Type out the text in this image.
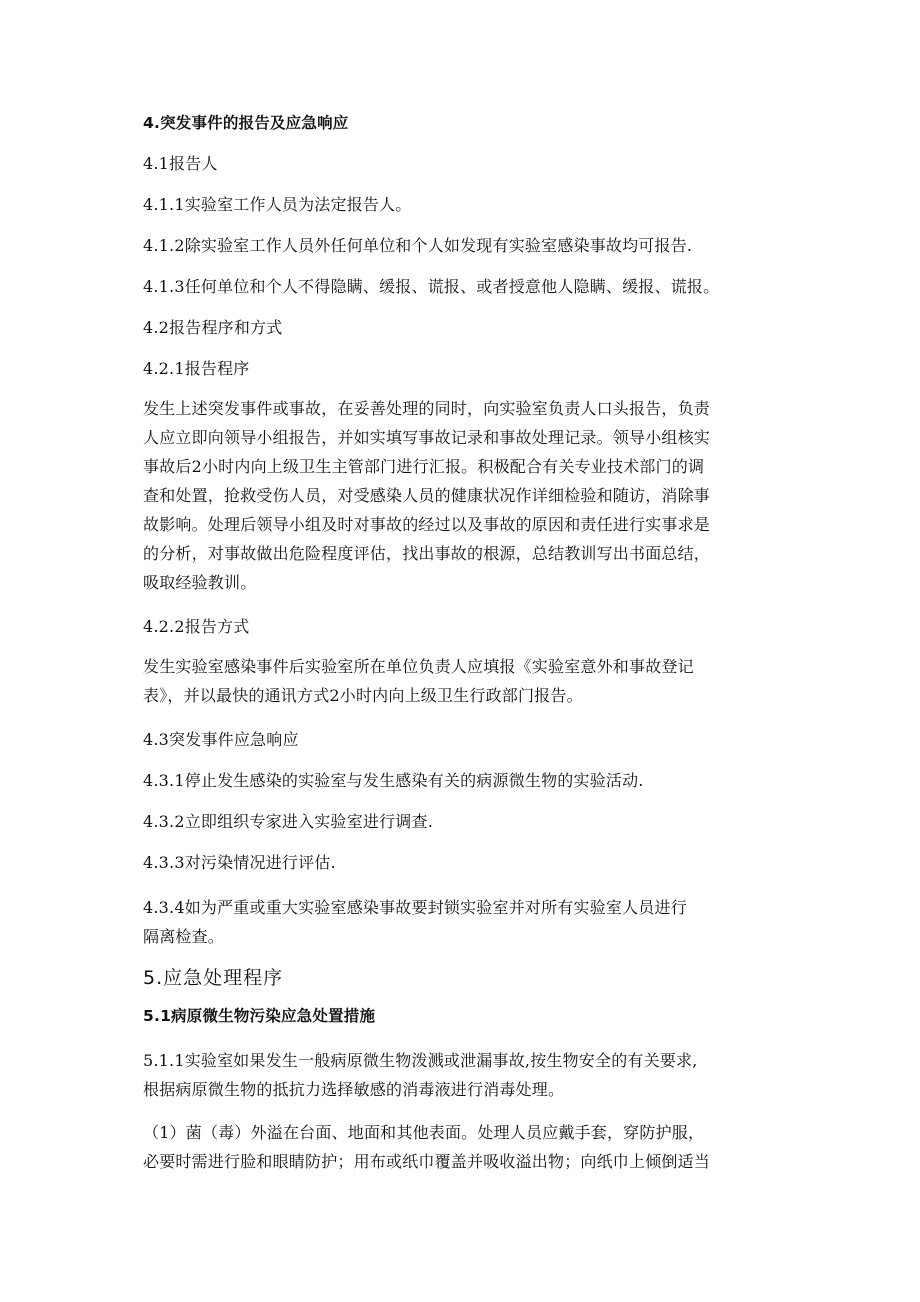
4.突发事件的报告及应急响应

4.1报告人

4.1.1实验室工作人员为法定报告人。

4.1.2除实验室工作人员外任何单位和个人如发现有实验室感染事故均可报告.

4.1.3任何单位和个人不得隐瞒、缓报、谎报、或者授意他人隐瞒、缓报、谎报。

4.2报告程序和方式

4.2.1报告程序

发生上述突发事件或事故，在妥善处理的同时，向实验室负责人口头报告，负责

人应立即向领导小组报告，并如实填写事故记录和事故处理记录。领导小组核实

事故后2小时内向上级卫生主管部门进行汇报。积极配合有关专业技术部门的调

查和处置，抢救受伤人员，对受感染人员的健康状况作详细检验和随访，消除事

故影响。处理后领导小组及时对事故的经过以及事故的原因和责任进行实事求是

的分析，对事故做出危险程度评估，找出事故的根源，总结教训写出书面总结，

吸取经验教训。

4.2.2报告方式

发生实验室感染事件后实验室所在单位负责人应填报《实验室意外和事故登记

表》，并以最快的通讯方式2小时内向上级卫生行政部门报告。

4.3突发事件应急响应

4.3.1停止发生感染的实验室与发生感染有关的病源微生物的实验活动.

4.3.2立即组织专家进入实验室进行调查.

4.3.3对污染情况进行评估.

4.3.4如为严重或重大实验室感染事故要封锁实验室并对所有实验室人员进行

隔离检查。

5.应急处理程序

5.1病原微生物污染应急处置措施

5.1.1实验室如果发生一般病原微生物泼溅或泄漏事故,按生物安全的有关要求,

根据病原微生物的抵抗力选择敏感的消毒液进行消毒处理。

（1）菌（毒）外溢在台面、地面和其他表面。处理人员应戴手套，穿防护服，

必要时需进行脸和眼睛防护；用布或纸巾覆盖并吸收溢出物；向纸巾上倾倒适当
